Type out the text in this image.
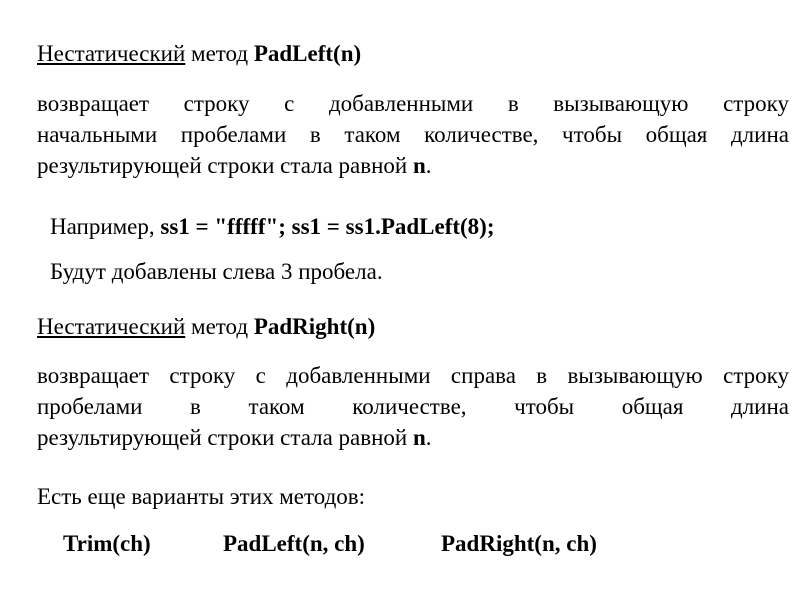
Нестатический метод PadLeft(n)
возвращает строку с добавленными в вызывающую строку
начальными пробелами в таком количестве, чтобы общая длина
результирующей строки стала равной n.
Например, ss1 = "fffff"; ss1 = ss1.PadLeft(8);
Будут добавлены слева 3 пробела.
Нестатический метод PadRight(n)
возвращает строку с добавленными справа в вызывающую строку
пробелами в таком количестве, чтобы общая длина
результирующей строки стала равной n.
Есть еще варианты этих методов:
Trim(ch)	PadLeft(n, ch)	PadRight(n, ch)
